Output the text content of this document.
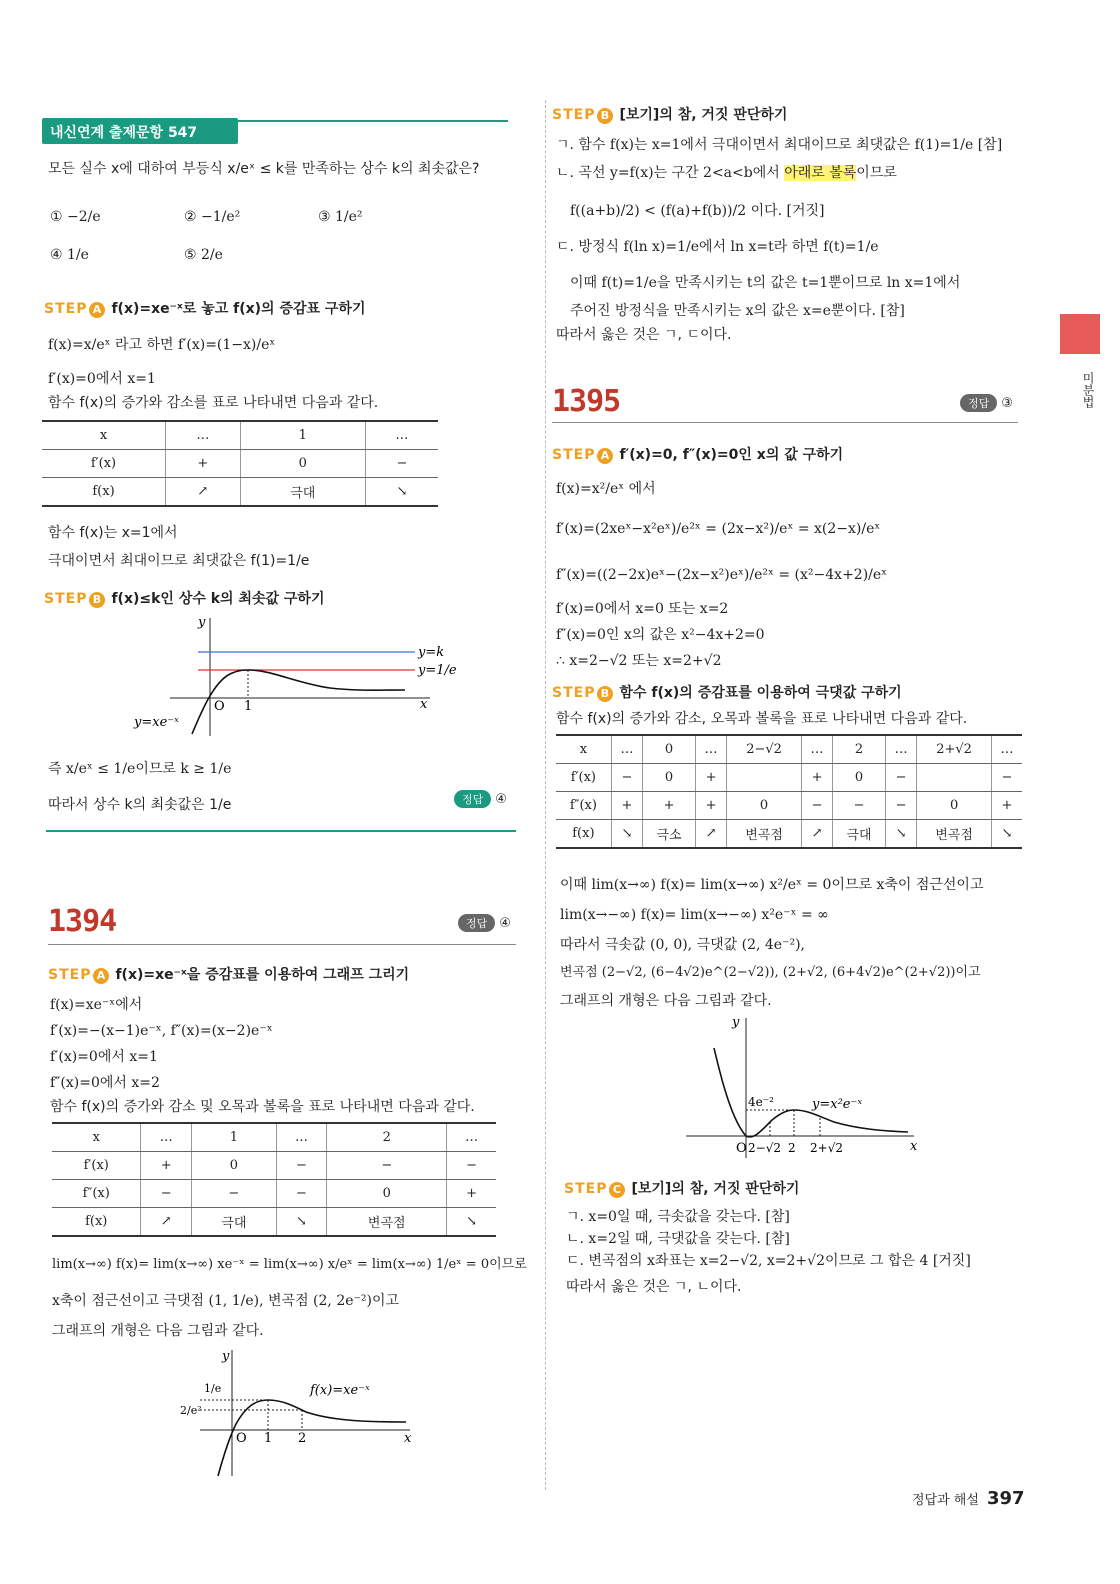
내신연계 출제문항 547
모든 실수 x에 대하여 부등식 x/eˣ ≤ k를 만족하는 상수 k의 최솟값은?
① −2/e	② −1/e²	③ 1/e²
④ 1/e	⑤ 2/e
STEP A f(x)=xe⁻ˣ로 놓고 f(x)의 증감표 구하기
f(x)=x/eˣ 라고 하면 f′(x)=(1−x)/eˣ
f′(x)=0에서 x=1
함수 f(x)의 증가와 감소를 표로 나타내면 다음과 같다.
x	…	1	…
f′(x)	+	0	−
f(x)	↗	극대	↘
함수 f(x)는 x=1에서
극대이면서 최대이므로 최댓값은 f(1)=1/e
STEP B f(x)≤k인 상수 k의 최솟값 구하기
y
x
O 1
y=k
y=1/e
y=xe⁻ˣ
즉 x/eˣ ≤ 1/e이므로 k ≥ 1/e
따라서 상수 k의 최솟값은 1/e	정답 ④
1394	정답 ④
STEP A f(x)=xe⁻ˣ을 증감표를 이용하여 그래프 그리기
f(x)=xe⁻ˣ에서
f′(x)=−(x−1)e⁻ˣ, f″(x)=(x−2)e⁻ˣ
f′(x)=0에서 x=1
f″(x)=0에서 x=2
함수 f(x)의 증가와 감소 및 오목과 볼록을 표로 나타내면 다음과 같다.
x	…	1	…	2	…
f′(x)	+	0	−	−	−
f″(x)	−	−	−	0	+
f(x)	↗	극대	↘	변곡점	↘
lim(x→∞) f(x)= lim(x→∞) xe⁻ˣ = lim(x→∞) x/eˣ = lim(x→∞) 1/eˣ = 0이므로
x축이 점근선이고 극댓점 (1, 1/e), 변곡점 (2, 2e⁻²)이고
그래프의 개형은 다음 그림과 같다.
y
x
O 1 2
1/e
2/e²
f(x)=xe⁻ˣ
STEP B [보기]의 참, 거짓 판단하기
ㄱ. 함수 f(x)는 x=1에서 극대이면서 최대이므로 최댓값은 f(1)=1/e [참]
ㄴ. 곡선 y=f(x)는 구간 2<a<b에서 아래로 볼록이므로
f((a+b)/2) < (f(a)+f(b))/2 이다. [거짓]
ㄷ. 방정식 f(ln x)=1/e에서 ln x=t라 하면 f(t)=1/e
이때 f(t)=1/e을 만족시키는 t의 값은 t=1뿐이므로 ln x=1에서
주어진 방정식을 만족시키는 x의 값은 x=e뿐이다. [참]
따라서 옳은 것은 ㄱ, ㄷ이다.
1395	정답 ③
STEP A f′(x)=0, f″(x)=0인 x의 값 구하기
f(x)=x²/eˣ 에서
f′(x)=(2xeˣ−x²eˣ)/e²ˣ = (2x−x²)/eˣ = x(2−x)/eˣ
f″(x)=((2−2x)eˣ−(2x−x²)eˣ)/e²ˣ = (x²−4x+2)/eˣ
f′(x)=0에서 x=0 또는 x=2
f″(x)=0인 x의 값은 x²−4x+2=0
∴ x=2−√2 또는 x=2+√2
STEP B 함수 f(x)의 증감표를 이용하여 극댓값 구하기
함수 f(x)의 증가와 감소, 오목과 볼록을 표로 나타내면 다음과 같다.
x	…	0	…	2−√2	…	2	…	2+√2	…
f′(x)	−	0	+		+	0	−		−
f″(x)	+	+	+	0	−	−	−	0	+
f(x)	↘	극소	↗	변곡점	↗	극대	↘	변곡점	↘
이때 lim(x→∞) f(x)= lim(x→∞) x²/eˣ = 0이므로 x축이 점근선이고
lim(x→−∞) f(x)= lim(x→−∞) x²e⁻ˣ = ∞
따라서 극솟값 (0, 0), 극댓값 (2, 4e⁻²),
변곡점 (2−√2, (6−4√2)e^(2−√2)), (2+√2, (6+4√2)e^(2+√2))이고
그래프의 개형은 다음 그림과 같다.
y
x
O
4e⁻²	y=x²e⁻ˣ
2−√2 2 2+√2
STEP C [보기]의 참, 거짓 판단하기
ㄱ. x=0일 때, 극솟값을 갖는다. [참]
ㄴ. x=2일 때, 극댓값을 갖는다. [참]
ㄷ. 변곡점의 x좌표는 x=2−√2, x=2+√2이므로 그 합은 4 [거짓]
따라서 옳은 것은 ㄱ, ㄴ이다.
미분법
정답과 해설 397
